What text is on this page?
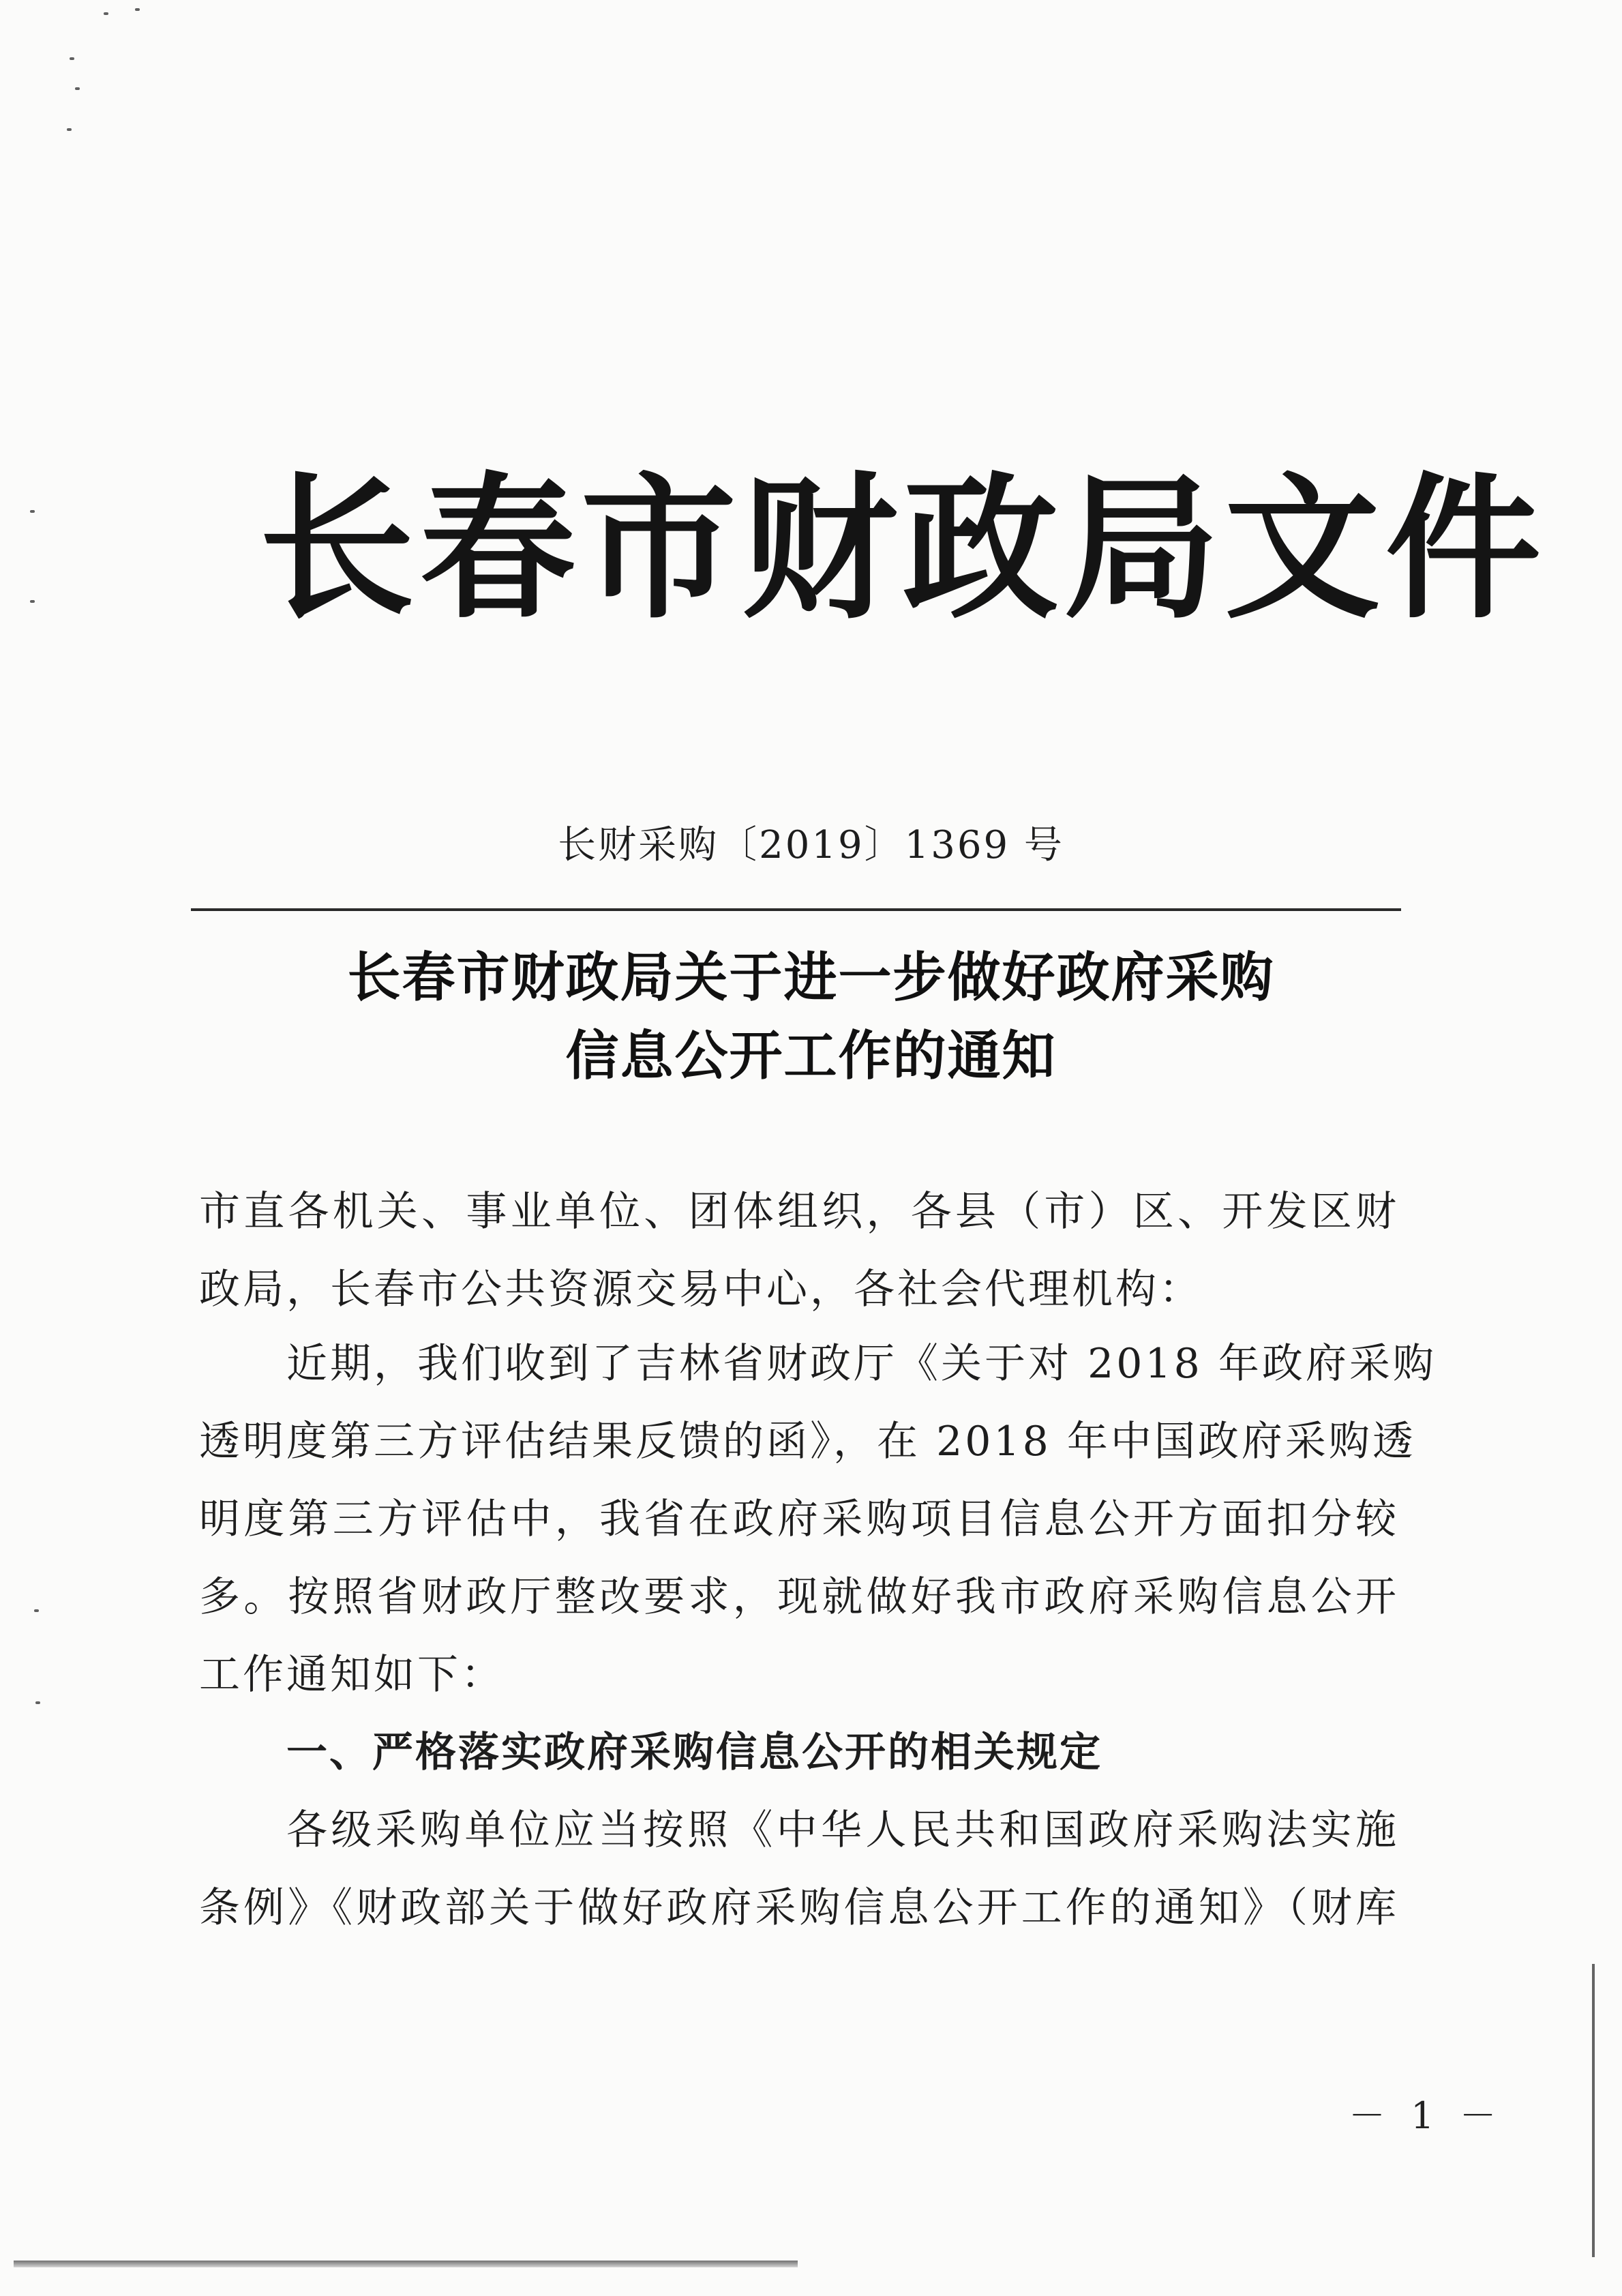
长春市财政局文件
长财采购〔2019〕1369 号
长春市财政局关于进一步做好政府采购
信息公开工作的通知
市直各机关、事业单位、团体组织，各县（市）区、开发区财
政局，长春市公共资源交易中心，各社会代理机构：
近期，我们收到了吉林省财政厅《关于对 2018 年政府采购
透明度第三方评估结果反馈的函》，在 2018 年中国政府采购透
明度第三方评估中，我省在政府采购项目信息公开方面扣分较
多。按照省财政厅整改要求，现就做好我市政府采购信息公开
工作通知如下：
一、严格落实政府采购信息公开的相关规定
各级采购单位应当按照《中华人民共和国政府采购法实施
条例》《财政部关于做好政府采购信息公开工作的通知》（财库
－ 1 －
